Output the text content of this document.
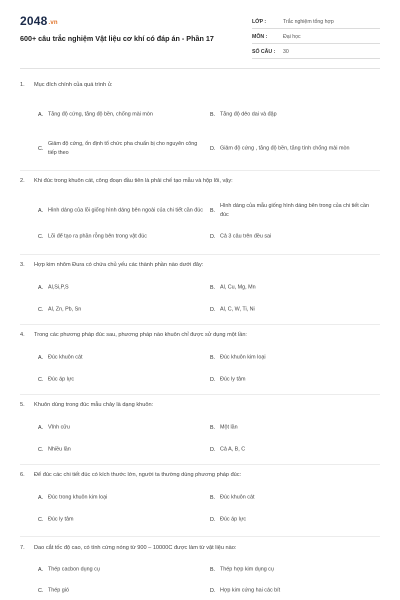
2048.vn
600+ câu trắc nghiệm Vật liệu cơ khí có đáp án - Phần 17
LỚP :	Trắc nghiệm tổng hợp
MÔN :	Đại học
SỐ CÂU : 30
1. Mục đích chính của quá trình ủ:
A. Tăng độ cứng, tăng độ bền, chống mài mòn	B. Tăng độ dẻo dai và đập
C.
Giảm độ cứng, ổn định tổ chức pha chuẩn bị cho nguyên công tiếp theo
D. Giảm độ cứng , tăng độ bền, tăng tính chống mài mòn
2. Khi đúc trong khuôn cát, công đoạn đầu tiên là phải chế tạo mẫu và hộp lõi, vậy:
A. Hình dáng của lõi giống hình dáng bên ngoài của chi tiết cần đúc	B.
Hình dáng của mẫu giống hình dáng bên trong của chi tiết cần đúc
C. Lõi để tạo ra phần rỗng bên trong vật đúc	D. Cả 3 câu trên đều sai
3. Hợp kim nhôm Đura có chứa chủ yếu các thành phần nào dưới đây:
A. Al,Si,P,S	B. Al, Cu, Mg, Mn
C. Al, Zn, Pb, Sn	D. Al, C, W, Ti, Ni
4. Trong các phương pháp đúc sau, phương pháp nào khuôn chỉ được sử dụng một lần:
A. Đúc khuôn cát	B. Đúc khuôn kim loại
C. Đúc áp lực	D. Đúc ly tâm
5. Khuôn dùng trong đúc mẫu chảy là dạng khuôn:
A. Vĩnh cửu	B. Một lần
C. Nhiều lần	D. Cả A, B, C
6. Để đúc các chi tiết đúc có kích thước lớn, người ta thường dùng phương pháp đúc:
A. Đúc trong khuôn kim loại	B. Đúc khuôn cát
C. Đúc ly tâm	D. Đúc áp lực
7. Dao cắt tốc độ cao, có tính cứng nóng từ 900 – 10000C được làm từ vật liệu nào:
A. Thép cacbon dụng cụ	B. Thép hợp kim dụng cụ
C. Thép gió	D. Hợp kim cứng hai các bít
